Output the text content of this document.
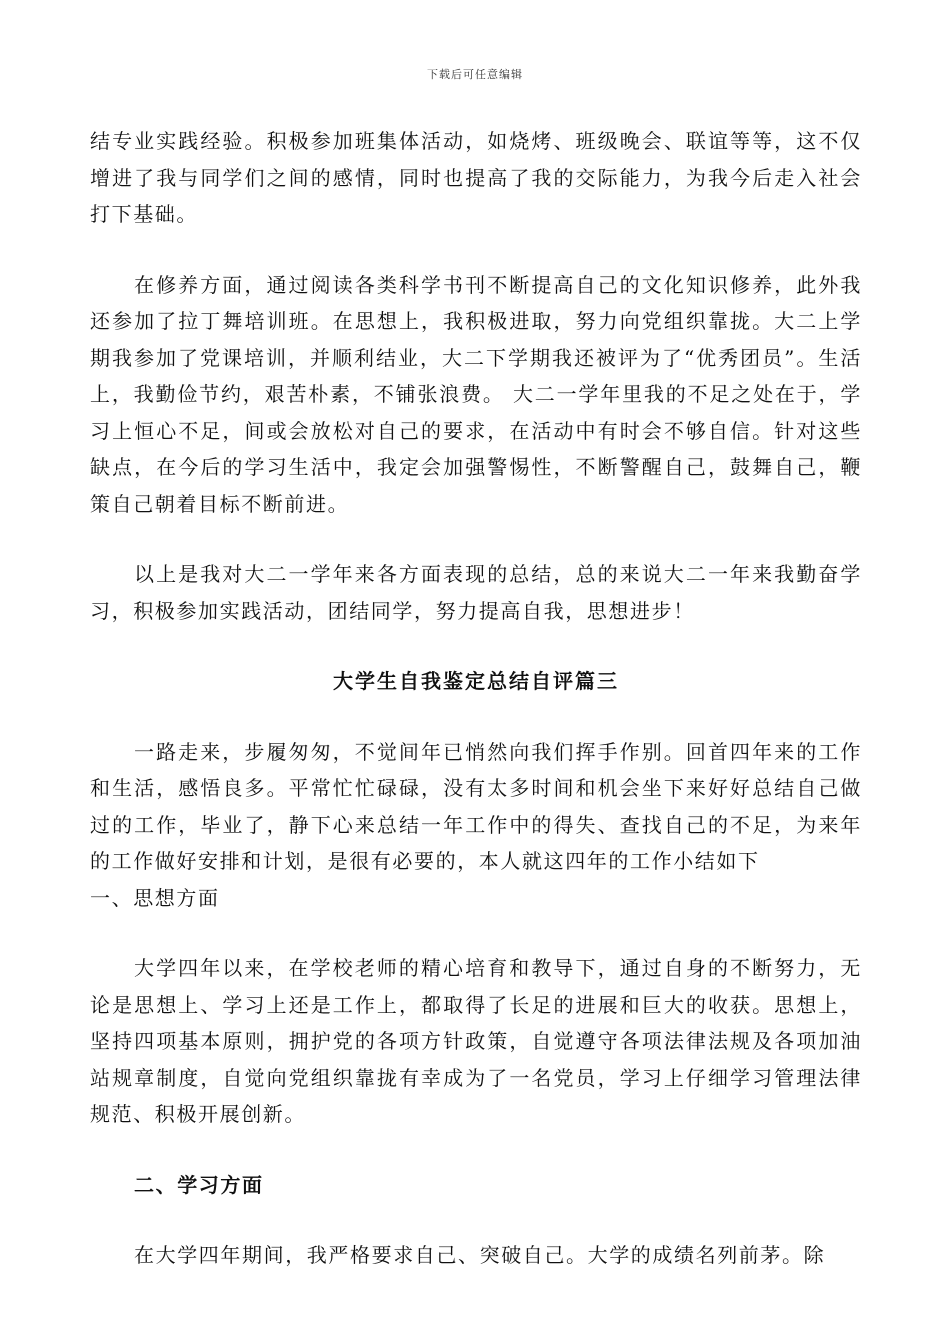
下载后可任意编辑

结专业实践经验。积极参加班集体活动，如烧烤、班级晚会、联谊等等，这不仅增进了我与同学们之间的感情，同时也提高了我的交际能力，为我今后走入社会打下基础。

在修养方面，通过阅读各类科学书刊不断提高自己的文化知识修养，此外我还参加了拉丁舞培训班。在思想上，我积极进取，努力向党组织靠拢。大二上学期我参加了党课培训，并顺利结业，大二下学期我还被评为了“优秀团员”。生活上，我勤俭节约，艰苦朴素，不铺张浪费。 大二一学年里我的不足之处在于，学习上恒心不足，间或会放松对自己的要求，在活动中有时会不够自信。针对这些缺点，在今后的学习生活中，我定会加强警惕性，不断警醒自己，鼓舞自己，鞭策自己朝着目标不断前进。

以上是我对大二一学年来各方面表现的总结，总的来说大二一年来我勤奋学习，积极参加实践活动，团结同学，努力提高自我，思想进步！

大学生自我鉴定总结自评篇三

一路走来，步履匆匆，不觉间年已悄然向我们挥手作别。回首四年来的工作和生活，感悟良多。平常忙忙碌碌，没有太多时间和机会坐下来好好总结自己做过的工作，毕业了，静下心来总结一年工作中的得失、查找自己的不足，为来年的工作做好安排和计划，是很有必要的，本人就这四年的工作小结如下

一、思想方面

大学四年以来，在学校老师的精心培育和教导下，通过自身的不断努力，无论是思想上、学习上还是工作上，都取得了长足的进展和巨大的收获。思想上，坚持四项基本原则，拥护党的各项方针政策，自觉遵守各项法律法规及各项加油站规章制度，自觉向党组织靠拢有幸成为了一名党员，学习上仔细学习管理法律规范、积极开展创新。

二、学习方面

在大学四年期间，我严格要求自己、突破自己。大学的成绩名列前茅。除
